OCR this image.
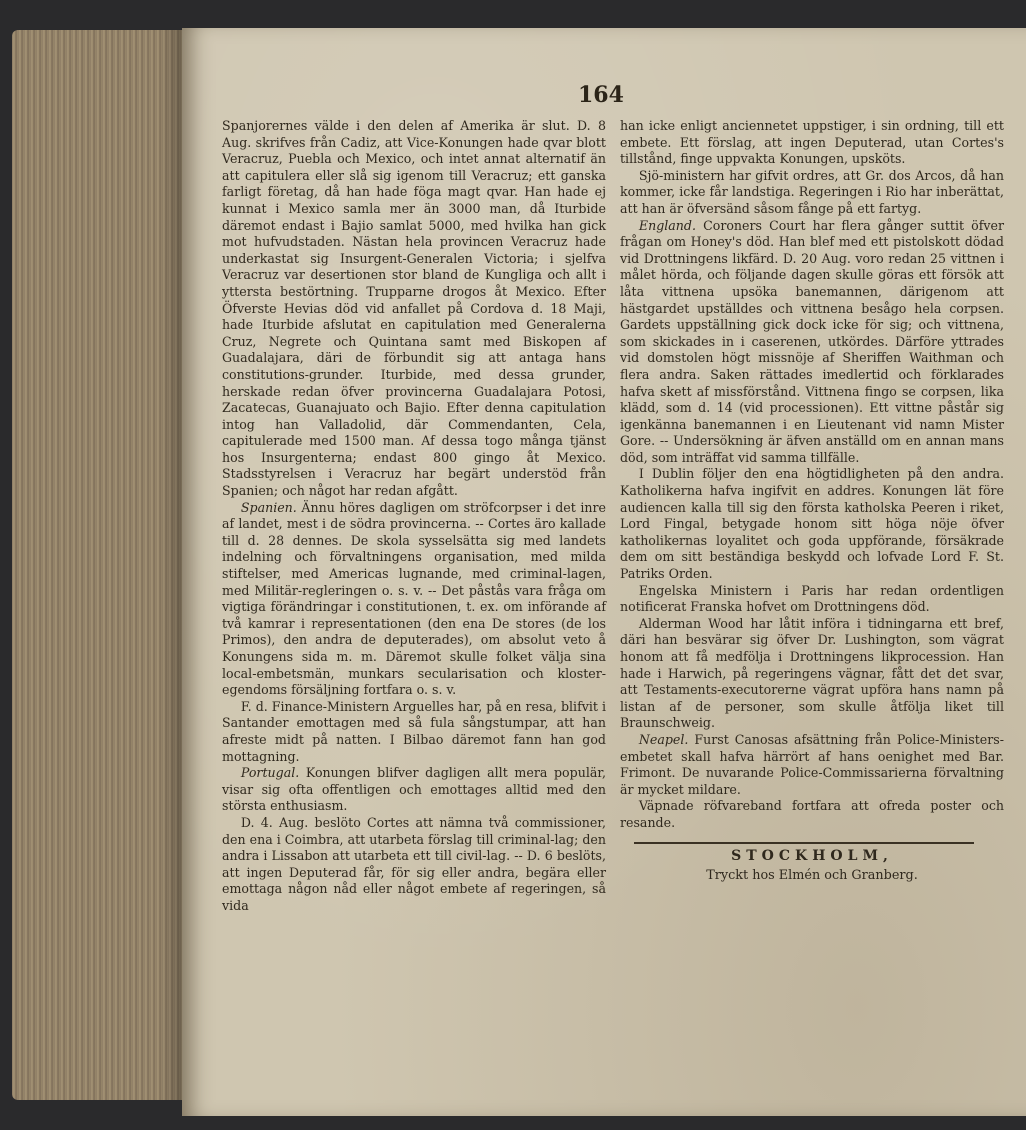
164

Spanjorernes välde i den delen af Amerika är slut. D. 8 Aug. skrifves från Cadiz, att Vice-Konungen hade qvar blott Veracruz, Puebla och Mexico, och intet annat alternatif än att capitulera eller slå sig igenom till Veracruz; ett ganska farligt företag, då han hade föga magt qvar. Han hade ej kunnat i Mexico samla mer än 3000 man, då Iturbide däremot endast i Bajio samlat 5000, med hvilka han gick mot hufvudstaden. Nästan hela provincen Veracruz hade underkastat sig Insurgent-Generalen Victoria; i sjelfva Veracruz var desertionen stor bland de Kungliga och allt i yttersta bestörtning. Trupparne drogos åt Mexico. Efter Öfverste Hevias död vid anfallet på Cordova d. 18 Maji, hade Iturbide afslutat en capitulation med Generalerna Cruz, Negrete och Quintana samt med Biskopen af Guadalajara, däri de förbundit sig att antaga hans constitutions-grunder. Iturbide, med dessa grunder, herskade redan öfver provincerna Guadalajara Potosi, Zacatecas, Guanajuato och Bajio. Efter denna capitulation intog han Valladolid, där Commendanten, Cela, capitulerade med 1500 man. Af dessa togo många tjänst hos Insurgenterna; endast 800 gingo åt Mexico. Stadsstyrelsen i Veracruz har begärt understöd från Spanien; och något har redan afgått.

Spanien. Ännu höres dagligen om ströfcorpser i det inre af landet, mest i de södra provincerna. -- Cortes äro kallade till d. 28 dennes. De skola sysselsätta sig med landets indelning och förvaltningens organisation, med milda stiftelser, med Americas lugnande, med criminal-lagen, med Militär-regleringen o. s. v. -- Det påstås vara fråga om vigtiga förändringar i constitutionen, t. ex. om införande af två kamrar i representationen (den ena De stores (de los Primos), den andra de deputerades), om absolut veto å Konungens sida m. m. Däremot skulle folket välja sina local-embetsmän, munkars secularisation och kloster-egendoms försäljning fortfara o. s. v.

F. d. Finance-Ministern Arguelles har, på en resa, blifvit i Santander emottagen med så fula sångstumpar, att han afreste midt på natten. I Bilbao däremot fann han god mottagning.

Portugal. Konungen blifver dagligen allt mera populär, visar sig ofta offentligen och emottages alltid med den största enthusiasm.

D. 4. Aug. beslöto Cortes att nämna två commissioner, den ena i Coimbra, att utarbeta förslag till criminal-lag; den andra i Lissabon att utarbeta ett till civil-lag. -- D. 6 beslöts, att ingen Deputerad får, för sig eller andra, begära eller emottaga någon nåd eller något embete af regeringen, så vida

han icke enligt anciennetet uppstiger, i sin ordning, till ett embete. Ett förslag, att ingen Deputerad, utan Cortes's tillstånd, finge uppvakta Konungen, upsköts.

Sjö-ministern har gifvit ordres, att Gr. dos Arcos, då han kommer, icke får landstiga. Regeringen i Rio har inberättat, att han är öfversänd såsom fånge på ett fartyg.

England. Coroners Court har flera gånger suttit öfver frågan om Honey's död. Han blef med ett pistolskott dödad vid Drottningens likfärd. D. 20 Aug. voro redan 25 vittnen i målet hörda, och följande dagen skulle göras ett försök att låta vittnena upsöka banemannen, därigenom att hästgardet upställdes och vittnena besågo hela corpsen. Gardets uppställning gick dock icke för sig; och vittnena, som skickades in i caserenen, utkördes. Därföre yttrades vid domstolen högt missnöje af Sheriffen Waithman och flera andra. Saken rättades imedlertid och förklarades hafva skett af missförstånd. Vittnena fingo se corpsen, lika klädd, som d. 14 (vid processionen). Ett vittne påstår sig igenkänna banemannen i en Lieutenant vid namn Mister Gore. -- Undersökning är äfven anställd om en annan mans död, som inträffat vid samma tillfälle.

I Dublin följer den ena högtidligheten på den andra. Katholikerna hafva ingifvit en addres. Konungen lät före audiencen kalla till sig den första katholska Peeren i riket, Lord Fingal, betygade honom sitt höga nöje öfver katholikernas loyalitet och goda uppförande, försäkrade dem om sitt beständiga beskydd och lofvade Lord F. St. Patriks Orden.

Engelska Ministern i Paris har redan ordentligen notificerat Franska hofvet om Drottningens död.

Alderman Wood har låtit införa i tidningarna ett bref, däri han besvärar sig öfver Dr. Lushington, som vägrat honom att få medfölja i Drottningens likprocession. Han hade i Harwich, på regeringens vägnar, fått det det svar, att Testaments-executorerne vägrat upföra hans namn på listan af de personer, som skulle åtfölja liket till Braunschweig.

Neapel. Furst Canosas afsättning från Police-Ministers-embetet skall hafva härrört af hans oenighet med Bar. Frimont. De nuvarande Police-Commissarierna förvaltning är mycket mildare.

Väpnade röfvareband fortfara att ofreda poster och resande.

STOCKHOLM,

Tryckt hos Elmén och Granberg.
